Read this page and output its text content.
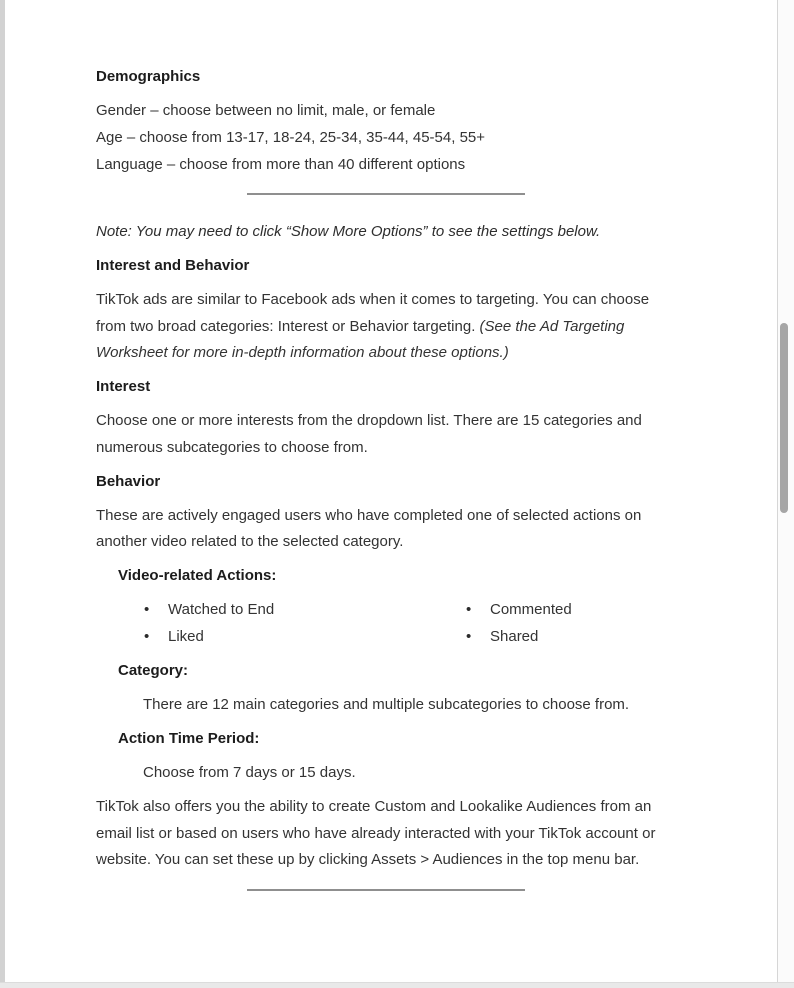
Demographics

Gender – choose between no limit, male, or female

Age – choose from 13-17, 18-24, 25-34, 35-44, 45-54, 55+

Language – choose from more than 40 different options

Note: You may need to click “Show More Options” to see the settings below.

Interest and Behavior

TikTok ads are similar to Facebook ads when it comes to targeting. You can choose from two broad categories: Interest or Behavior targeting. (See the Ad Targeting Worksheet for more in-depth information about these options.)

Interest

Choose one or more interests from the dropdown list. There are 15 categories and numerous subcategories to choose from.

Behavior

These are actively engaged users who have completed one of selected actions on another video related to the selected category.

Video-related Actions:
• Watched to End
• Liked
• Commented
• Shared
Category:

There are 12 main categories and multiple subcategories to choose from.

Action Time Period:

Choose from 7 days or 15 days.

TikTok also offers you the ability to create Custom and Lookalike Audiences from an email list or based on users who have already interacted with your TikTok account or website. You can set these up by clicking Assets > Audiences in the top menu bar.
